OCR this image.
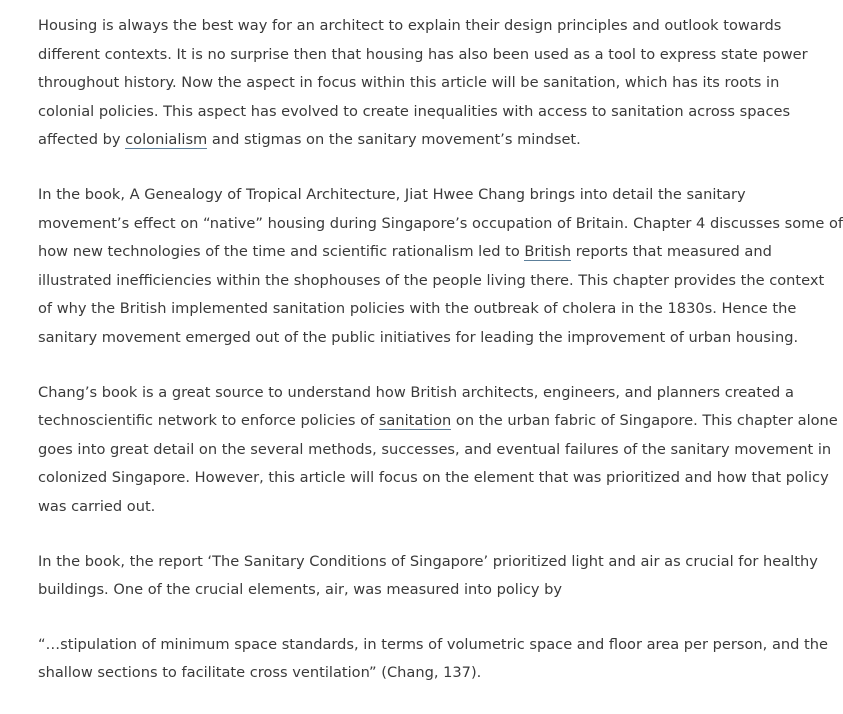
Housing is always the best way for an architect to explain their design principles and outlook towards
different contexts. It is no surprise then that housing has also been used as a tool to express state power
throughout history. Now the aspect in focus within this article will be sanitation, which has its roots in
colonial policies. This aspect has evolved to create inequalities with access to sanitation across spaces
affected by colonialism and stigmas on the sanitary movement’s mindset.

In the book, A Genealogy of Tropical Architecture, Jiat Hwee Chang brings into detail the sanitary
movement’s effect on “native” housing during Singapore’s occupation of Britain. Chapter 4 discusses some of
how new technologies of the time and scientific rationalism led to British reports that measured and
illustrated inefficiencies within the shophouses of the people living there. This chapter provides the context
of why the British implemented sanitation policies with the outbreak of cholera in the 1830s. Hence the
sanitary movement emerged out of the public initiatives for leading the improvement of urban housing.

Chang’s book is a great source to understand how British architects, engineers, and planners created a
technoscientific network to enforce policies of sanitation on the urban fabric of Singapore. This chapter alone
goes into great detail on the several methods, successes, and eventual failures of the sanitary movement in
colonized Singapore. However, this article will focus on the element that was prioritized and how that policy
was carried out.

In the book, the report ‘The Sanitary Conditions of Singapore’ prioritized light and air as crucial for healthy
buildings. One of the crucial elements, air, was measured into policy by

“…stipulation of minimum space standards, in terms of volumetric space and floor area per person, and the
shallow sections to facilitate cross ventilation” (Chang, 137).
